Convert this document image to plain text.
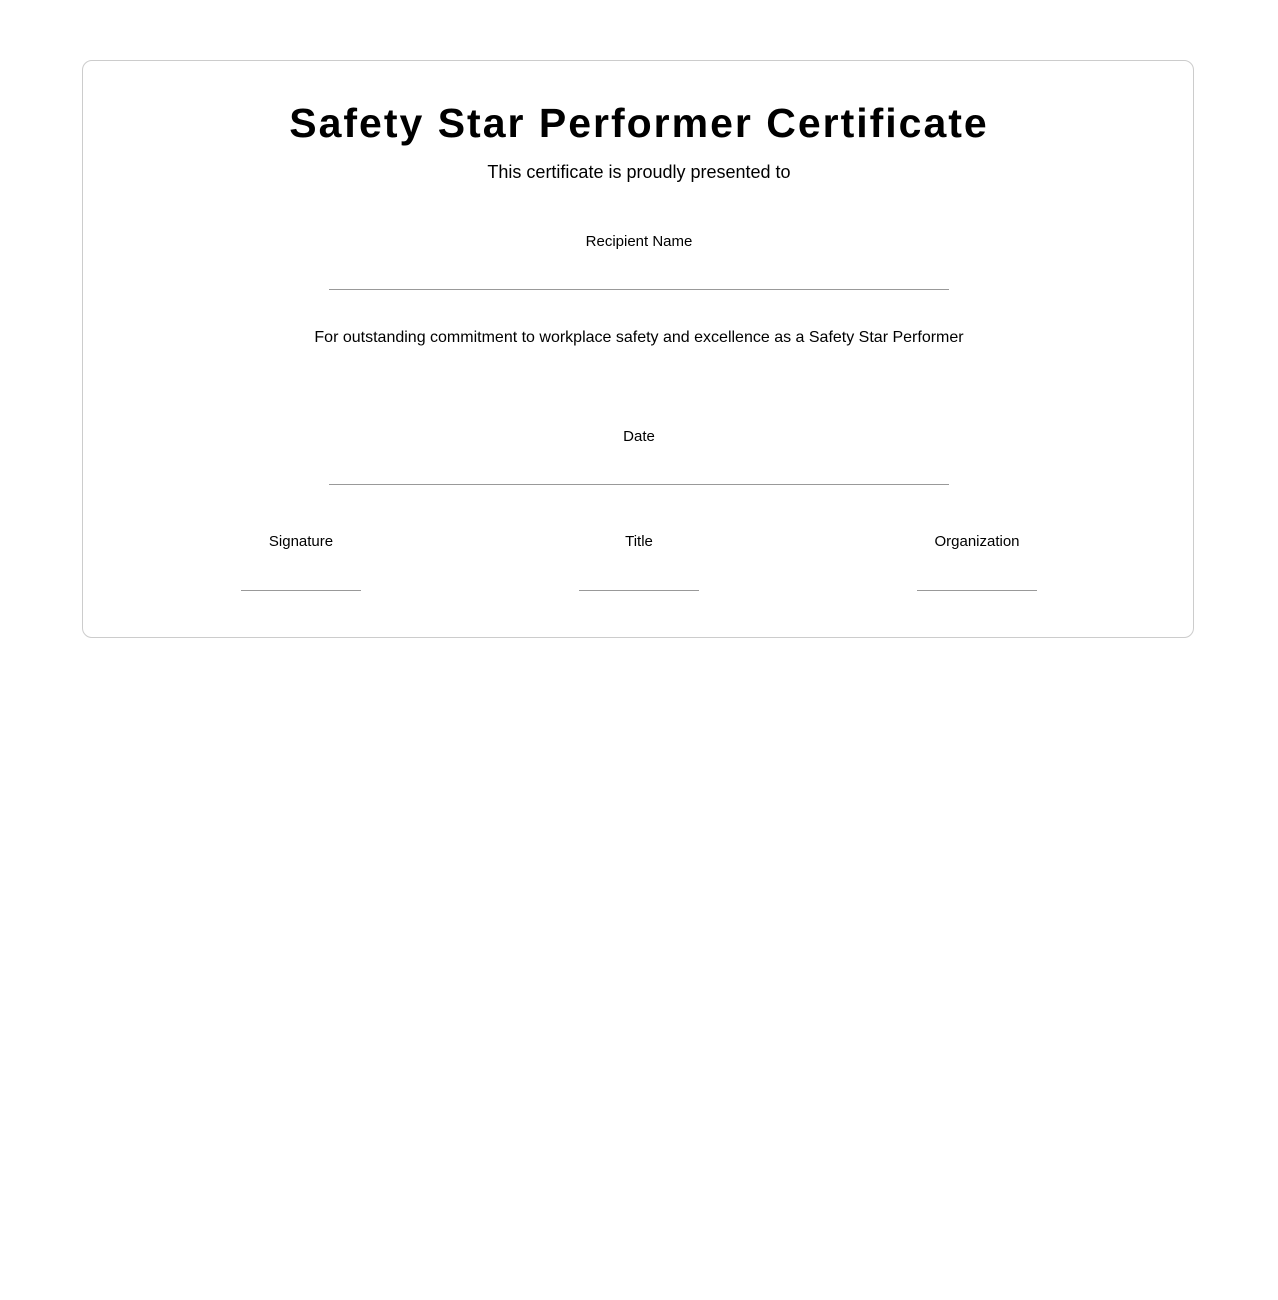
Safety Star Performer Certificate
This certificate is proudly presented to
Recipient Name
For outstanding commitment to workplace safety and excellence as a Safety Star Performer
Date
Signature	Title	Organization
